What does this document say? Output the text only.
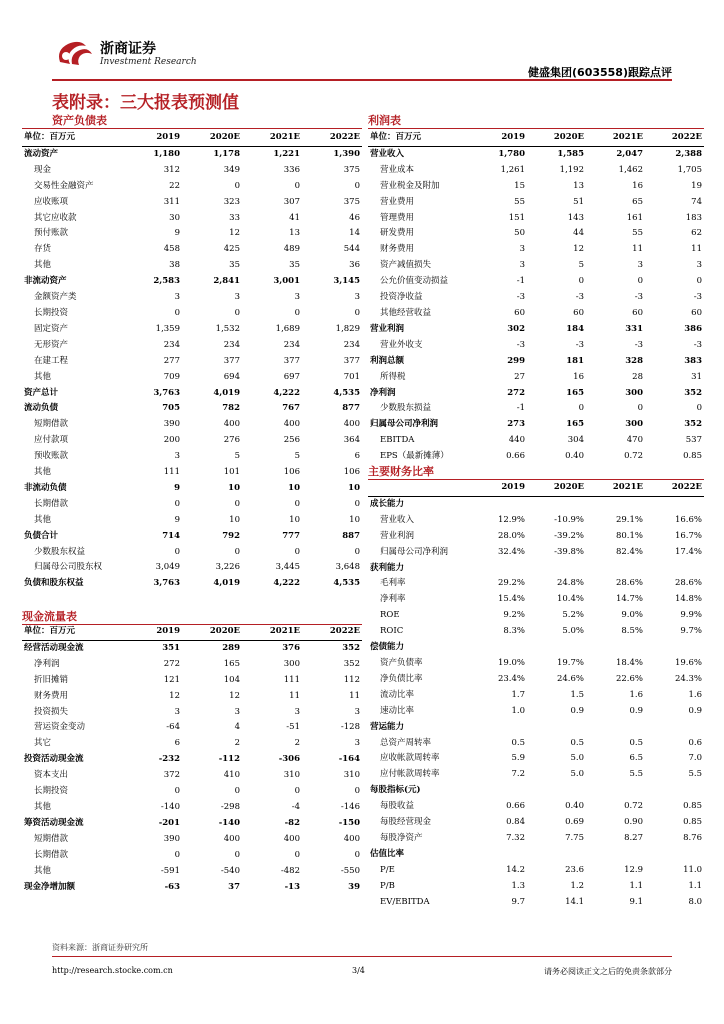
浙商证券
Investment Research
健盛集团(603558)跟踪点评
表附录：三大报表预测值
资产负债表
单位：百万元	2019	2020E	2021E	2022E
流动资产	1,180	1,178	1,221	1,390
现金	312	349	336	375
交易性金融资产	22	0	0	0
应收账项	311	323	307	375
其它应收款	30	33	41	46
预付账款	9	12	13	14
存货	458	425	489	544
其他	38	35	35	36
非流动资产	2,583	2,841	3,001	3,145
金额资产类	3	3	3	3
长期投资	0	0	0	0
固定资产	1,359	1,532	1,689	1,829
无形资产	234	234	234	234
在建工程	277	377	377	377
其他	709	694	697	701
资产总计	3,763	4,019	4,222	4,535
流动负债	705	782	767	877
短期借款	390	400	400	400
应付款项	200	276	256	364
预收账款	3	5	5	6
其他	111	101	106	106
非流动负债	9	10	10	10
长期借款	0	0	0	0
其他	9	10	10	10
负债合计	714	792	777	887
少数股东权益	0	0	0	0
归属母公司股东权	3,049	3,226	3,445	3,648
负债和股东权益	3,763	4,019	4,222	4,535
现金流量表
单位：百万元	2019	2020E	2021E	2022E
经营活动现金流	351	289	376	352
净利润	272	165	300	352
折旧摊销	121	104	111	112
财务费用	12	12	11	11
投资损失	3	3	3	3
营运资金变动	-64	4	-51	-128
其它	6	2	2	3
投资活动现金流	-232	-112	-306	-164
资本支出	372	410	310	310
长期投资	0	0	0	0
其他	-140	-298	-4	-146
筹资活动现金流	-201	-140	-82	-150
短期借款	390	400	400	400
长期借款	0	0	0	0
其他	-591	-540	-482	-550
现金净增加额	-63	37	-13	39
利润表
单位：百万元	2019	2020E	2021E	2022E
营业收入	1,780	1,585	2,047	2,388
营业成本	1,261	1,192	1,462	1,705
营业税金及附加	15	13	16	19
营业费用	55	51	65	74
管理费用	151	143	161	183
研发费用	50	44	55	62
财务费用	3	12	11	11
资产减值损失	3	5	3	3
公允价值变动损益	-1	0	0	0
投资净收益	-3	-3	-3	-3
其他经营收益	60	60	60	60
营业利润	302	184	331	386
营业外收支	-3	-3	-3	-3
利润总额	299	181	328	383
所得税	27	16	28	31
净利润	272	165	300	352
少数股东损益	-1	0	0	0
归属母公司净利润	273	165	300	352
EBITDA	440	304	470	537
EPS（最新摊薄）	0.66	0.40	0.72	0.85
主要财务比率
	2019	2020E	2021E	2022E
成长能力				
营业收入	12.9%	-10.9%	29.1%	16.6%
营业利润	28.0%	-39.2%	80.1%	16.7%
归属母公司净利润	32.4%	-39.8%	82.4%	17.4%
获利能力				
毛利率	29.2%	24.8%	28.6%	28.6%
净利率	15.4%	10.4%	14.7%	14.8%
ROE	9.2%	5.2%	9.0%	9.9%
ROIC	8.3%	5.0%	8.5%	9.7%
偿债能力				
资产负债率	19.0%	19.7%	18.4%	19.6%
净负债比率	23.4%	24.6%	22.6%	24.3%
流动比率	1.7	1.5	1.6	1.6
速动比率	1.0	0.9	0.9	0.9
营运能力				
总资产周转率	0.5	0.5	0.5	0.6
应收帐款周转率	5.9	5.0	6.5	7.0
应付帐款周转率	7.2	5.0	5.5	5.5
每股指标(元)				
每股收益	0.66	0.40	0.72	0.85
每股经营现金	0.84	0.69	0.90	0.85
每股净资产	7.32	7.75	8.27	8.76
估值比率				
P/E	14.2	23.6	12.9	11.0
P/B	1.3	1.2	1.1	1.1
EV/EBITDA	9.7	14.1	9.1	8.0
资料来源：浙商证券研究所
http://research.stocke.com.cn	3/4	请务必阅读正文之后的免责条款部分
